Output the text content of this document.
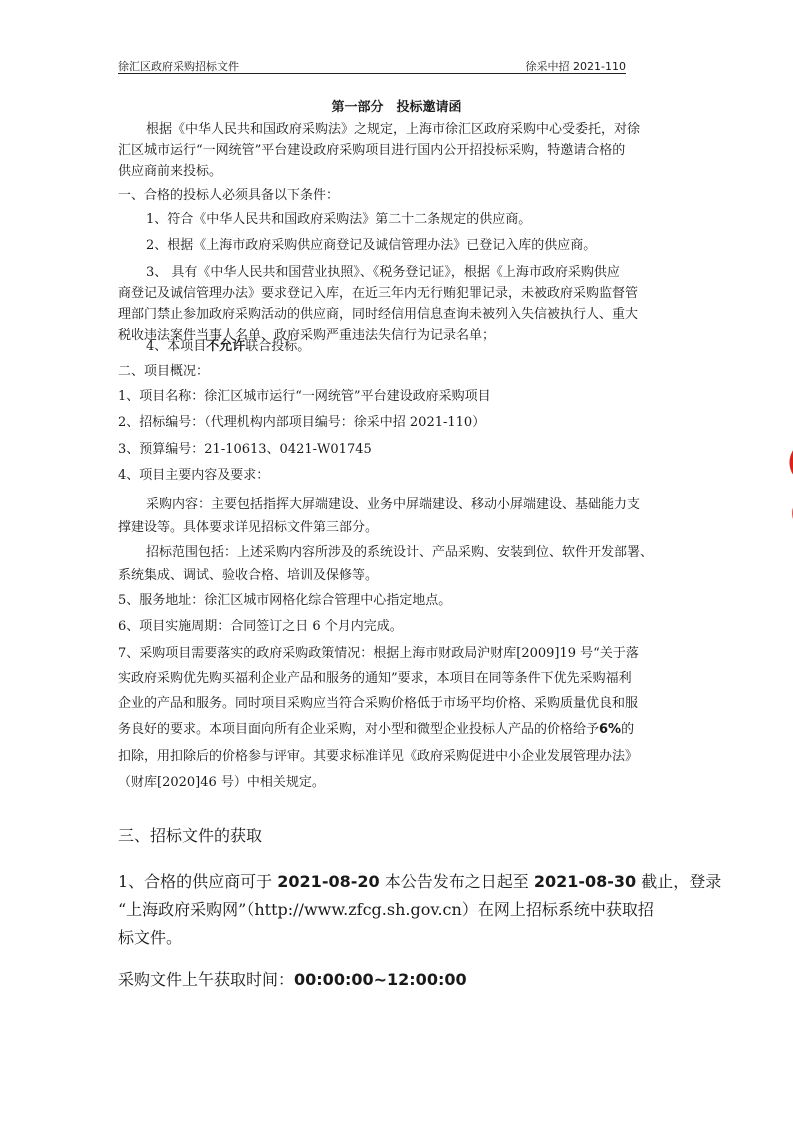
徐汇区政府采购招标文件	徐采中招 2021-110
第一部分　投标邀请函
根据《中华人民共和国政府采购法》之规定，上海市徐汇区政府采购中心受委托，对徐
汇区城市运行“一网统管”平台建设政府采购项目进行国内公开招投标采购，特邀请合格的
供应商前来投标。
一、合格的投标人必须具备以下条件：
1、符合《中华人民共和国政府采购法》第二十二条规定的供应商。
2、根据《上海市政府采购供应商登记及诚信管理办法》已登记入库的供应商。
3、 具有《中华人民共和国营业执照》、《税务登记证》，根据《上海市政府采购供应
商登记及诚信管理办法》要求登记入库，在近三年内无行贿犯罪记录，未被政府采购监督管
理部门禁止参加政府采购活动的供应商，同时经信用信息查询未被列入失信被执行人、重大
税收违法案件当事人名单、政府采购严重违法失信行为记录名单；
4、本项目不允许联合投标。
二、项目概况：
1、项目名称：徐汇区城市运行“一网统管”平台建设政府采购项目
2、招标编号：（代理机构内部项目编号：徐采中招 2021-110）
3、预算编号：21-10613、0421-W01745
4、项目主要内容及要求：
采购内容：主要包括指挥大屏端建设、业务中屏端建设、移动小屏端建设、基础能力支
撑建设等。具体要求详见招标文件第三部分。
招标范围包括：上述采购内容所涉及的系统设计、产品采购、安装到位、软件开发部署、
系统集成、调试、验收合格、培训及保修等。
5、服务地址：徐汇区城市网格化综合管理中心指定地点。
6、项目实施周期：合同签订之日 6 个月内完成。
7、采购项目需要落实的政府采购政策情况：根据上海市财政局沪财库[2009]19 号“关于落
实政府采购优先购买福利企业产品和服务的通知”要求，本项目在同等条件下优先采购福利
企业的产品和服务。同时项目采购应当符合采购价格低于市场平均价格、采购质量优良和服
务良好的要求。本项目面向所有企业采购，对小型和微型企业投标人产品的价格给予6%的
扣除，用扣除后的价格参与评审。其要求标准详见《政府采购促进中小企业发展管理办法》
（财库[2020]46 号）中相关规定。
三、招标文件的获取
1、合格的供应商可于 2021-08-20 本公告发布之日起至 2021-08-30 截止，登录
“上海政府采购网”（http://www.zfcg.sh.gov.cn）在网上招标系统中获取招
标文件。
采购文件上午获取时间：00:00:00~12:00:00
